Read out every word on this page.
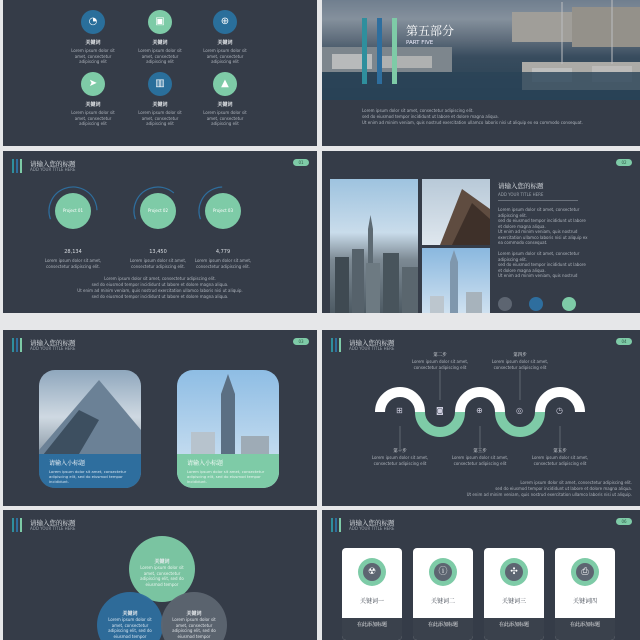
◔
关键词
Lorem ipsum dolor sit amet, consectetur adipiscing elit
▣
关键词
Lorem ipsum dolor sit amet, consectetur adipiscing elit
⊕
关键词
Lorem ipsum dolor sit amet, consectetur adipiscing elit
➤
关键词
Lorem ipsum dolor sit amet, consectetur adipiscing elit
▥
关键词
Lorem ipsum dolor sit amet, consectetur adipiscing elit
▲
关键词
Lorem ipsum dolor sit amet, consectetur adipiscing elit
第五部分
PART FIVE
Lorem ipsum dolor sit amet, consectetur adipiscing elit.
sed do eiusmod tempor incididunt ut labore et dolore magna aliqua.
Ut enim ad minim veniam, quis nostrud exercitation ullamco laboris nisi ut aliquip ex ea commodo consequat.
请输入您的标题
ADD YOUR TITLE HERE
01
Project 01
28,134
Lorem ipsum dolor sit amet, consectetur adipiscing elit.
Project 02
13,450
Lorem ipsum dolor sit amet, consectetur adipiscing elit.
Project 03
4,779
Lorem ipsum dolor sit amet, consectetur adipiscing elit.
Lorem ipsum dolor sit amet, consectetur adipiscing elit.
sed do eiusmod tempor incididunt ut labore et dolore magna aliqua.
Ut enim ad minim veniam, quis nostrud exercitation ullamco laboris nisi ut aliquip.
sed do eiusmod tempor incididunt ut labore et dolore magna aliqua.
请输入您的标题
ADD YOUR TITLE HERE
02
Lorem ipsum dolor sit amet, consectetur
adipiscing elit.
sed do eiusmod tempor incididunt ut labore
et dolore magna aliqua.
Ut enim ad minim veniam, quis nostrud
exercitation ullamco laboris nisi ut aliquip ex
ea commodo consequat.

Lorem ipsum dolor sit amet, consectetur
adipiscing elit.
sed do eiusmod tempor incididunt ut labore
et dolore magna aliqua.
Ut enim ad minim veniam, quis nostrud
请输入您的标题
ADD YOUR TITLE HERE
03
请输入小标题
Lorem ipsum dolor sit amet, consectetur adipiscing elit, sed do eiusmod tempor incididunt.
请输入小标题
Lorem ipsum dolor sit amet, consectetur adipiscing elit, sed do eiusmod tempor incididunt.
请输入您的标题
ADD YOUR TITLE HERE
04
⊞	◙	⊕	◎	◷
第二步
Lorem ipsum dolor sit amet, consectetur adipiscing elit
第四步
Lorem ipsum dolor sit amet, consectetur adipiscing elit
第一步
Lorem ipsum dolor sit amet, consectetur adipiscing elit
第三步
Lorem ipsum dolor sit amet, consectetur adipiscing elit
第五步
Lorem ipsum dolor sit amet, consectetur adipiscing elit
Lorem ipsum dolor sit amet, consectetur adipiscing elit.
sed do eiusmod tempor incididunt ut labore et dolore magna aliqua.
Ut enim ad minim veniam, quis nostrud exercitation ullamco laboris nisi ut aliquip.
请输入您的标题
ADD YOUR TITLE HERE
关键词
Lorem ipsum dolor sit amet, consectetur adipiscing elit, sed do eiusmod tempor
关键词
Lorem ipsum dolor sit amet, consectetur adipiscing elit, sed do eiusmod tempor
关键词
Lorem ipsum dolor sit amet, consectetur adipiscing elit, sed do eiusmod tempor
请输入您的标题
ADD YOUR TITLE HERE
06
☢
关键词一
在此添加标题
ⓘ
关键词二
在此添加标题
✣
关键词三
在此添加标题
⎙
关键词四
在此添加标题
